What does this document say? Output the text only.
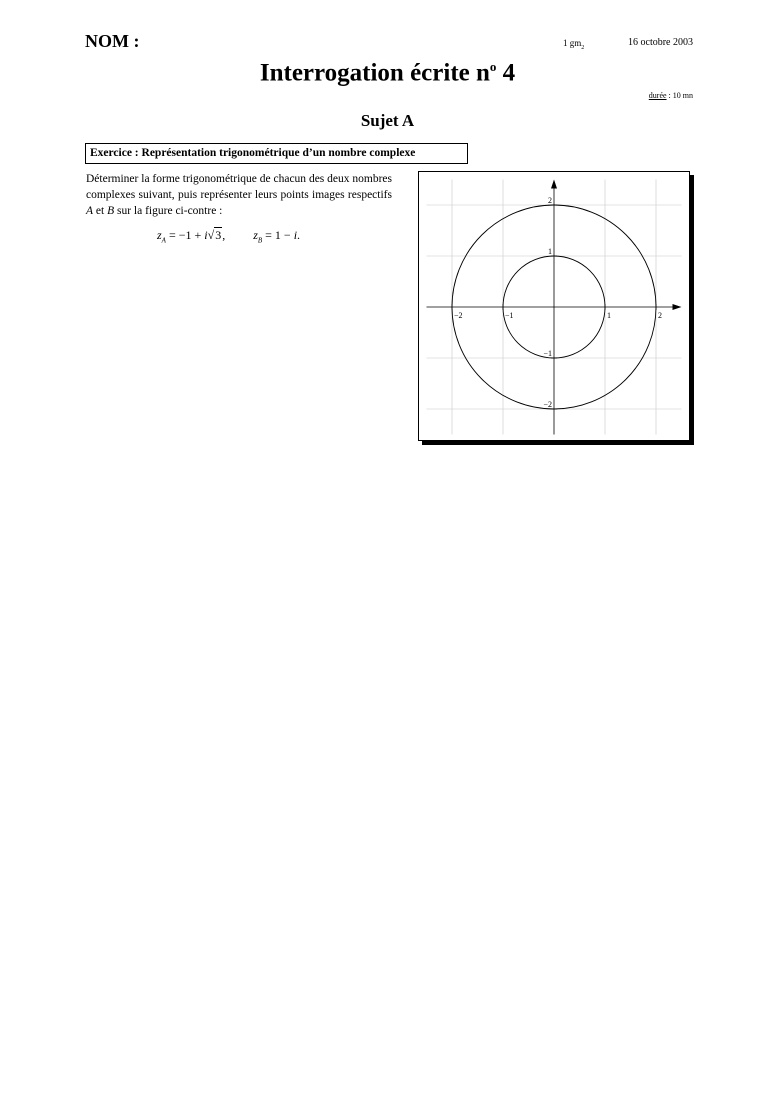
NOM :	1 $gm_2$	16 octobre 2003
Interrogation écrite $n^o$ 4
durée : 10 mn
Sujet A
Exercice : Représentation trigonométrique d’un nombre complexe
Déterminer la forme trigonométrique de chacun des deux nombres complexes suivant, puis représenter leurs points images respectifs A et B sur la figure ci-contre :
$z_A = -1 + i√3$, $z_B = 1 - i$.
−2	−1	1	2
2
1
−1
−2
